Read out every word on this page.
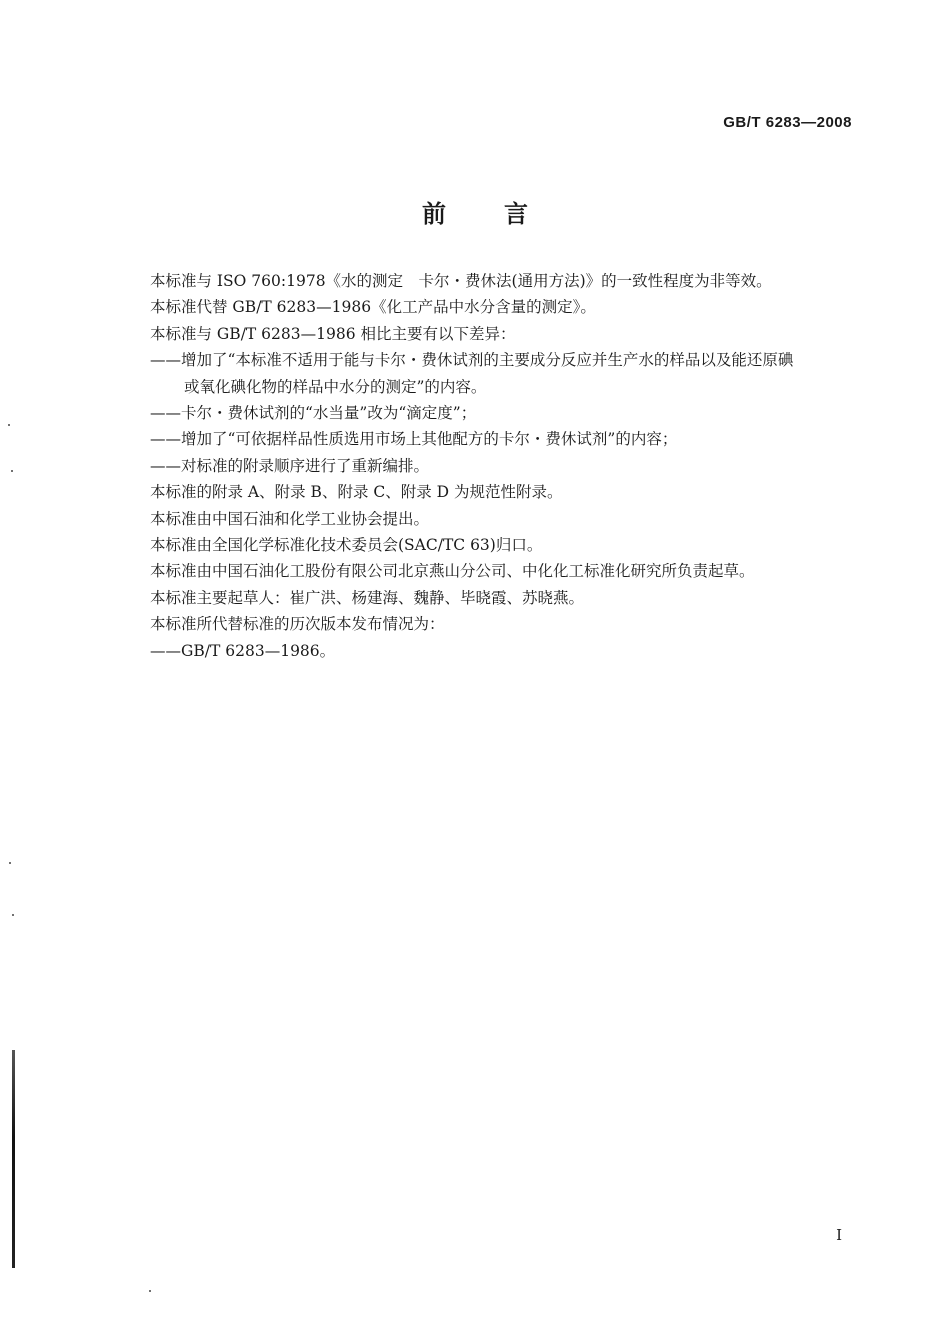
GB/T 6283—2008
前 言
本标准与 ISO 760:1978《水的测定　卡尔・费休法(通用方法)》的一致性程度为非等效。
本标准代替 GB/T 6283—1986《化工产品中水分含量的测定》。
本标准与 GB/T 6283—1986 相比主要有以下差异：
——增加了“本标准不适用于能与卡尔・费休试剂的主要成分反应并生产水的样品以及能还原碘
或氧化碘化物的样品中水分的测定”的内容。
——卡尔・费休试剂的“水当量”改为“滴定度”；
——增加了“可依据样品性质选用市场上其他配方的卡尔・费休试剂”的内容；
——对标准的附录顺序进行了重新编排。
本标准的附录 A、附录 B、附录 C、附录 D 为规范性附录。
本标准由中国石油和化学工业协会提出。
本标准由全国化学标准化技术委员会(SAC/TC 63)归口。
本标准由中国石油化工股份有限公司北京燕山分公司、中化化工标准化研究所负责起草。
本标准主要起草人：崔广洪、杨建海、魏静、毕晓霞、苏晓燕。
本标准所代替标准的历次版本发布情况为：
——GB/T 6283—1986。
I
